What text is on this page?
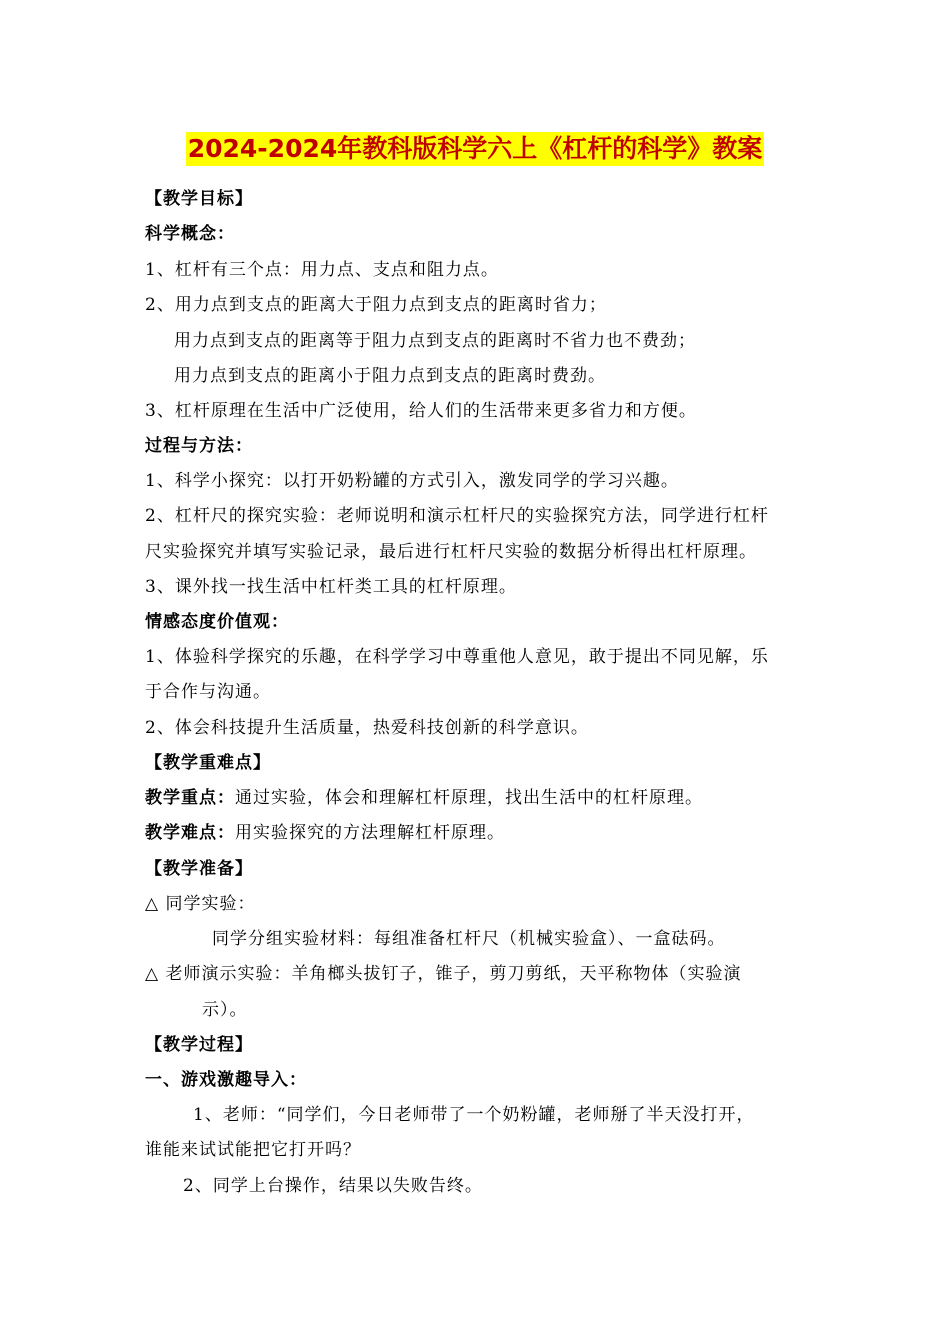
2024-2024年教科版科学六上《杠杆的科学》教案
【教学目标】
科学概念：
1、杠杆有三个点：用力点、支点和阻力点。
2、用力点到支点的距离大于阻力点到支点的距离时省力；
用力点到支点的距离等于阻力点到支点的距离时不省力也不费劲；
用力点到支点的距离小于阻力点到支点的距离时费劲。
3、杠杆原理在生活中广泛使用，给人们的生活带来更多省力和方便。
过程与方法：
1、科学小探究：以打开奶粉罐的方式引入，激发同学的学习兴趣。
2、杠杆尺的探究实验：老师说明和演示杠杆尺的实验探究方法，同学进行杠杆
尺实验探究并填写实验记录，最后进行杠杆尺实验的数据分析得出杠杆原理。
3、课外找一找生活中杠杆类工具的杠杆原理。
情感态度价值观：
1、体验科学探究的乐趣，在科学学习中尊重他人意见，敢于提出不同见解，乐
于合作与沟通。
2、体会科技提升生活质量，热爱科技创新的科学意识。
【教学重难点】
教学重点：通过实验，体会和理解杠杆原理，找出生活中的杠杆原理。
教学难点：用实验探究的方法理解杠杆原理。
【教学准备】
△ 同学实验：
同学分组实验材料：每组准备杠杆尺（机械实验盒）、一盒砝码。
△ 老师演示实验：羊角榔头拔钉子，锥子，剪刀剪纸，天平称物体（实验演
示）。
【教学过程】
一、游戏激趣导入：
1、老师：“同学们，今日老师带了一个奶粉罐，老师掰了半天没打开，
谁能来试试能把它打开吗？
2、同学上台操作，结果以失败告终。
